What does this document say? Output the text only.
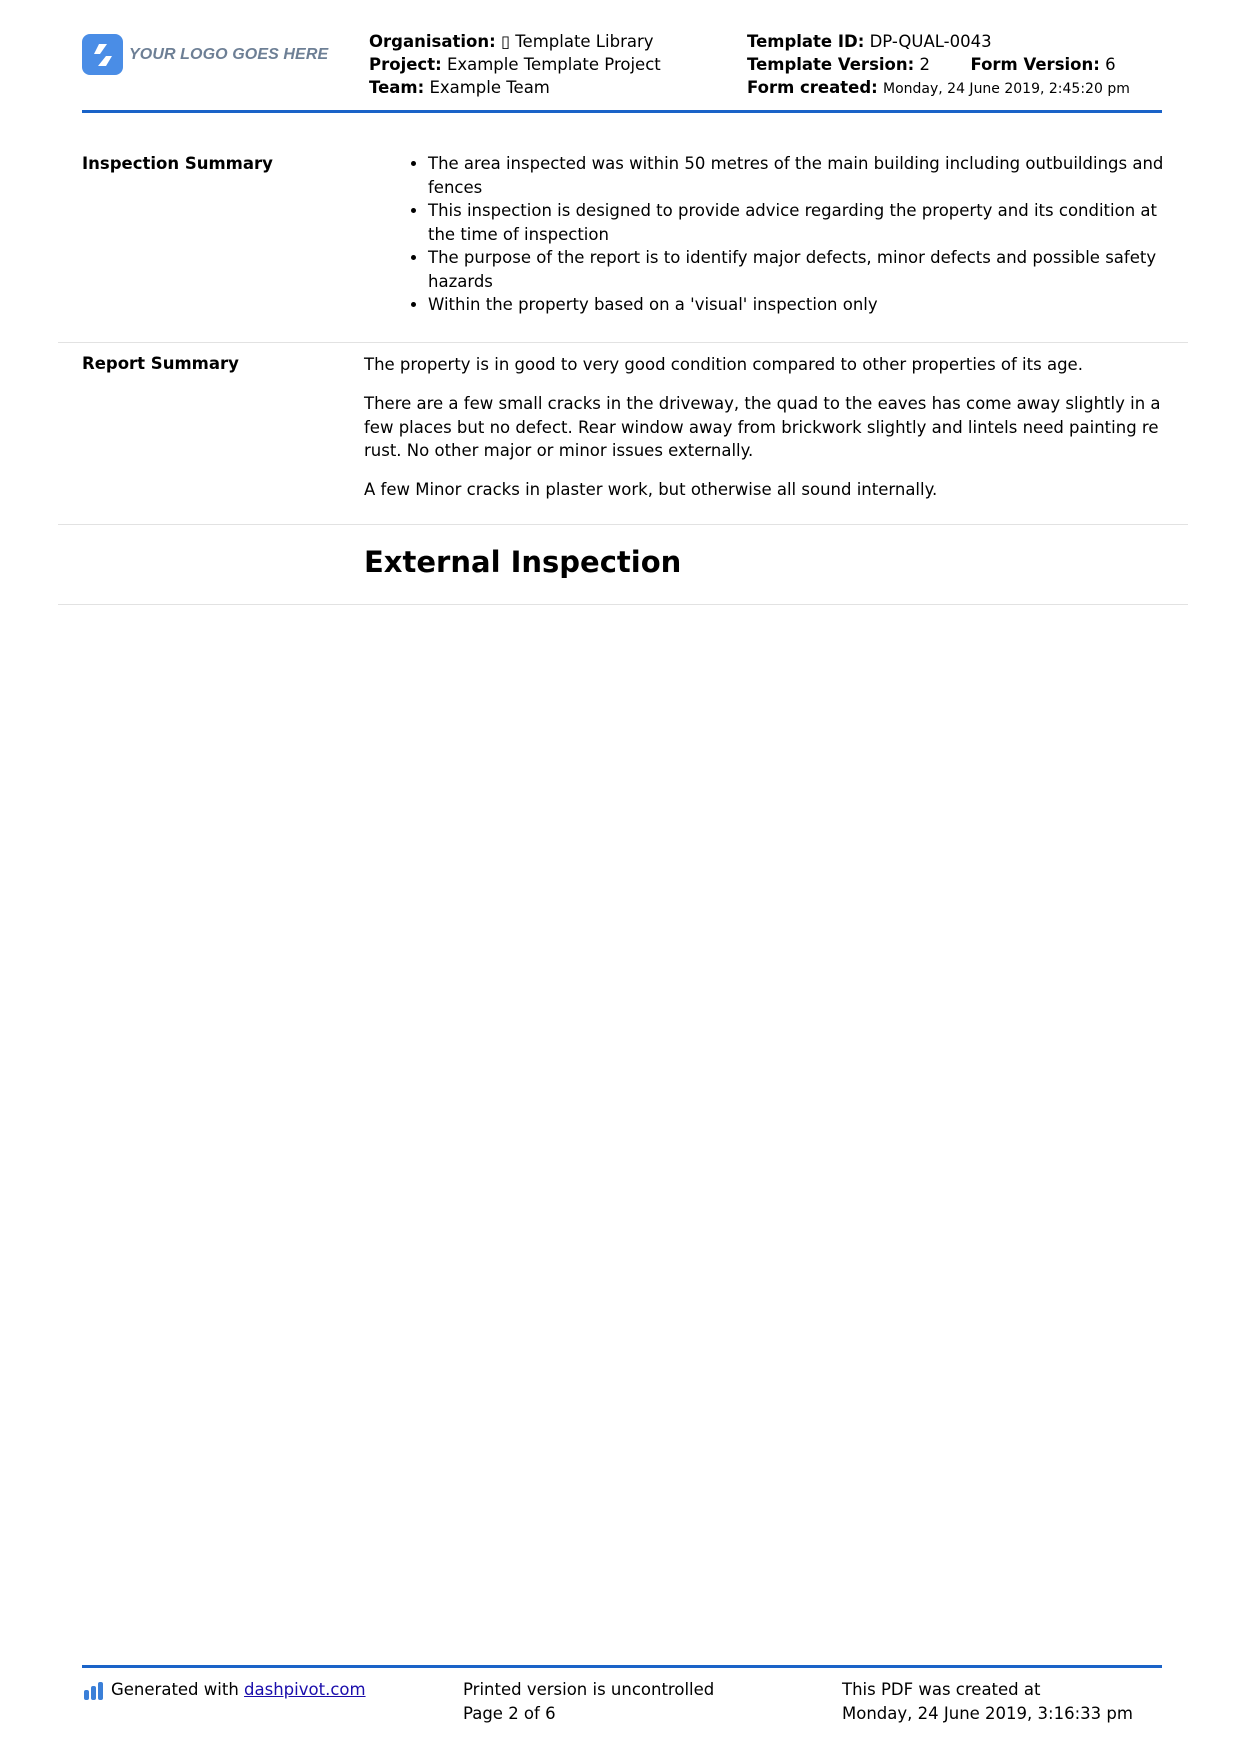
YOUR LOGO GOES HERE
Organisation: ▯ Template Library
Project: Example Template Project
Team: Example Team
Template ID: DP-QUAL-0043
Template Version: 2 Form Version: 6
Form created: Monday, 24 June 2019, 2:45:20 pm
Inspection Summary
•	The area inspected was within 50 metres of the main building including outbuildings and fences
• This inspection is designed to provide advice regarding the property and its condition at the time of inspection
• The purpose of the report is to identify major defects, minor defects and possible safety hazards
• Within the property based on a 'visual' inspection only
Report Summary	The property is in good to very good condition compared to other properties of its age.

There are a few small cracks in the driveway, the quad to the eaves has come away slightly in a few places but no defect. Rear window away from brickwork slightly and lintels need painting re rust. No other major or minor issues externally.

A few Minor cracks in plaster work, but otherwise all sound internally.

External Inspection
Generated with dashpivot.com	Printed version is uncontrolled
Page 2 of 6
This PDF was created at
Monday, 24 June 2019, 3:16:33 pm
